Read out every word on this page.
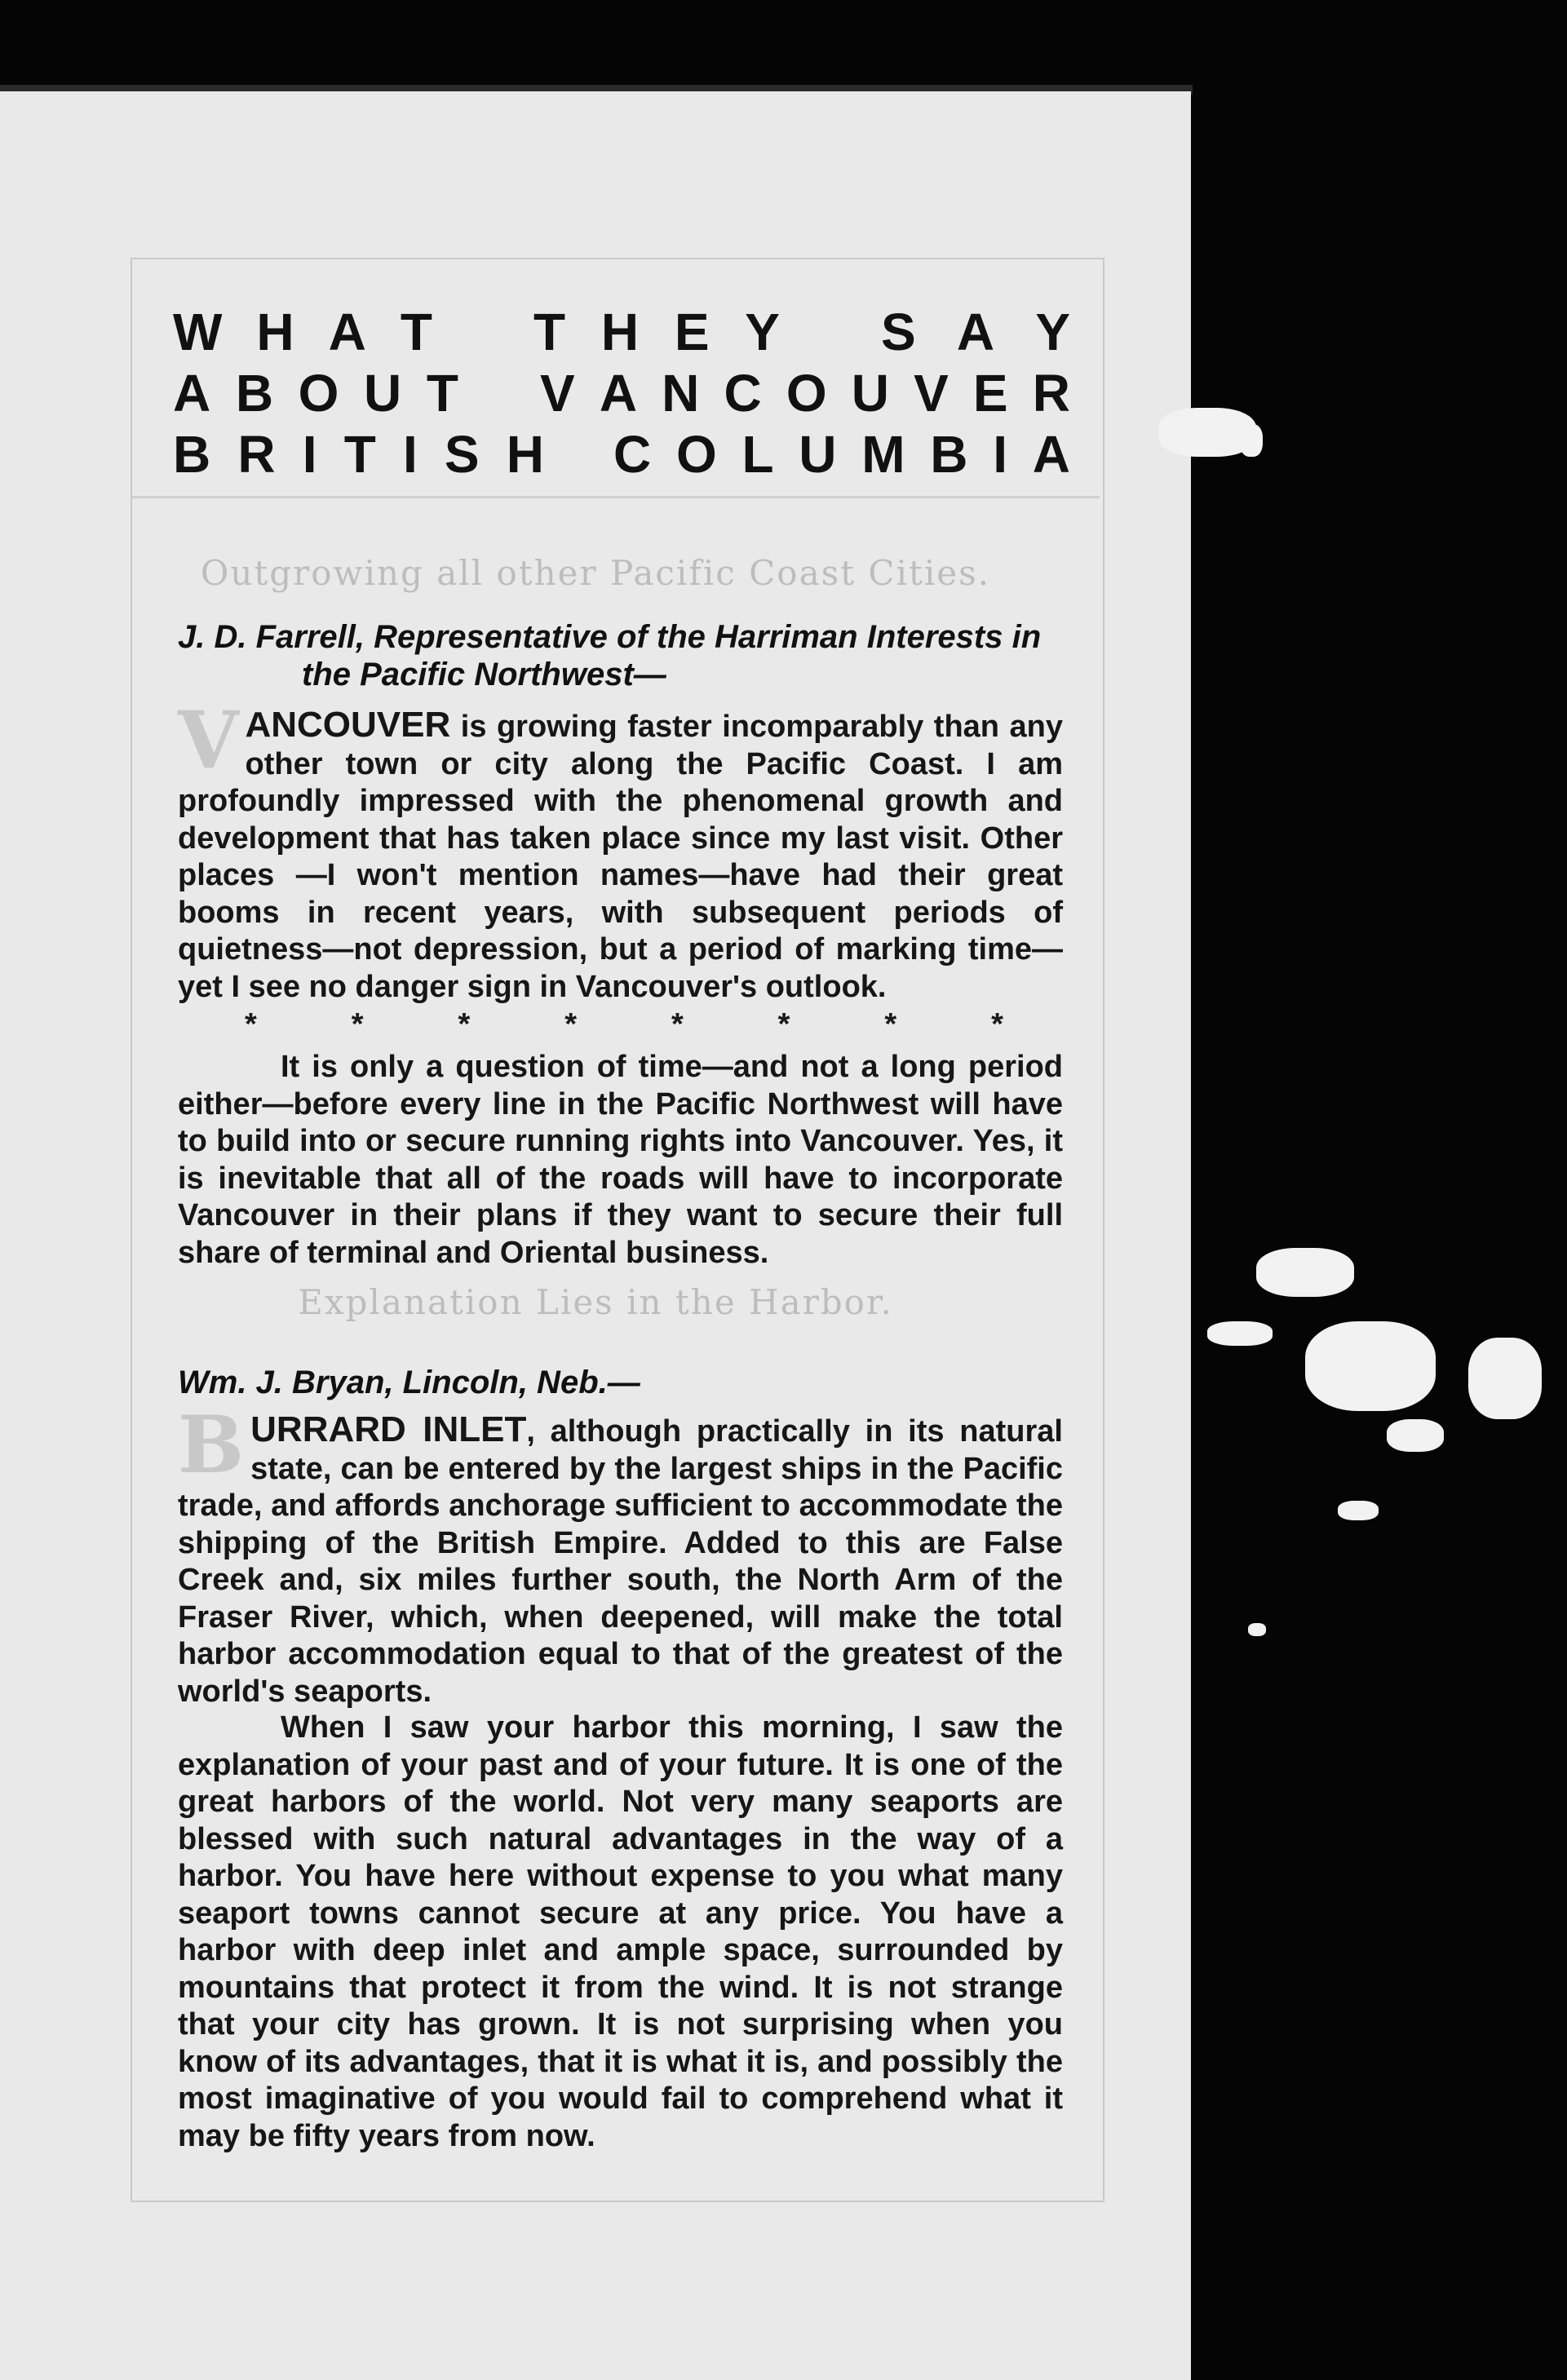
W H A T T H E Y S A Y
A B O U T V A N C O U V E R
B R I T I S H C O L U M B I A

Outgrowing all other Pacific Coast Cities.

J. D. Farrell, Representative of the Harriman Interests in
the Pacific Northwest—

VANCOUVER is growing faster incomparably than any other town or city along the Pacific Coast. I am profoundly impressed with the phenomenal growth and development that has taken place since my last visit. Other places —I won't mention names—have had their great booms in recent years, with subsequent periods of quietness—not depression, but a period of marking time—yet I see no danger sign in Vancouver's outlook.

*	*	*	*	*	*	*	*

It is only a question of time—and not a long period either—before every line in the Pacific Northwest will have to build into or secure running rights into Vancouver. Yes, it is inevitable that all of the roads will have to incorporate Vancouver in their plans if they want to secure their full share of terminal and Oriental business.

Explanation Lies in the Harbor.

Wm. J. Bryan, Lincoln, Neb.—

BURRARD INLET, although practically in its natural state, can be entered by the largest ships in the Pacific trade, and affords anchorage sufficient to accommodate the shipping of the British Empire. Added to this are False Creek and, six miles further south, the North Arm of the Fraser River, which, when deepened, will make the total harbor accommodation equal to that of the greatest of the world's seaports.

When I saw your harbor this morning, I saw the explanation of your past and of your future. It is one of the great harbors of the world. Not very many seaports are blessed with such natural advantages in the way of a harbor. You have here without expense to you what many seaport towns cannot secure at any price. You have a harbor with deep inlet and ample space, surrounded by mountains that protect it from the wind. It is not strange that your city has grown. It is not surprising when you know of its advantages, that it is what it is, and possibly the most imaginative of you would fail to comprehend what it may be fifty years from now.
